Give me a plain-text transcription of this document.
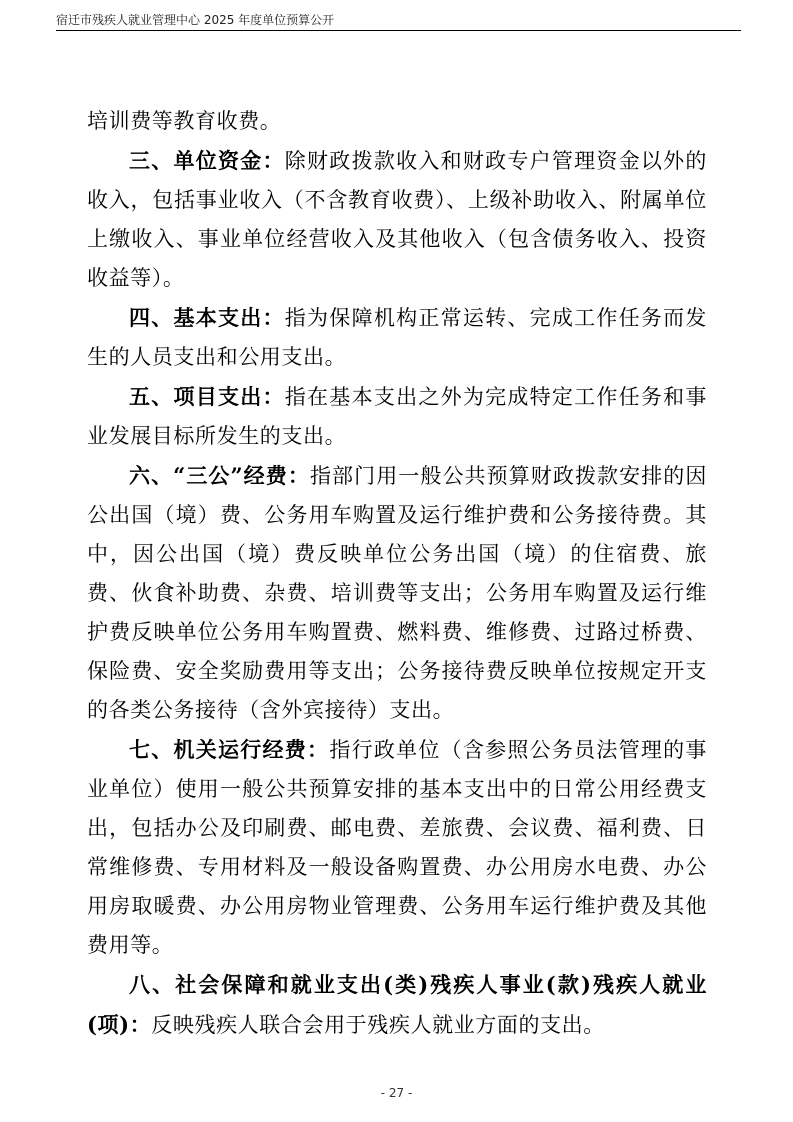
宿迁市残疾人就业管理中心 2025 年度单位预算公开

培训费等教育收费。

三、单位资金：除财政拨款收入和财政专户管理资金以外的收入，包括事业收入（不含教育收费）、上级补助收入、附属单位上缴收入、事业单位经营收入及其他收入（包含债务收入、投资收益等）。

四、基本支出：指为保障机构正常运转、完成工作任务而发生的人员支出和公用支出。

五、项目支出：指在基本支出之外为完成特定工作任务和事业发展目标所发生的支出。

六、“三公”经费：指部门用一般公共预算财政拨款安排的因公出国（境）费、公务用车购置及运行维护费和公务接待费。其中，因公出国（境）费反映单位公务出国（境）的住宿费、旅费、伙食补助费、杂费、培训费等支出；公务用车购置及运行维护费反映单位公务用车购置费、燃料费、维修费、过路过桥费、保险费、安全奖励费用等支出；公务接待费反映单位按规定开支的各类公务接待（含外宾接待）支出。

七、机关运行经费：指行政单位（含参照公务员法管理的事业单位）使用一般公共预算安排的基本支出中的日常公用经费支出，包括办公及印刷费、邮电费、差旅费、会议费、福利费、日常维修费、专用材料及一般设备购置费、办公用房水电费、办公用房取暖费、办公用房物业管理费、公务用车运行维护费及其他费用等。

八、社会保障和就业支出(类)残疾人事业(款)残疾人就业(项)：反映残疾人联合会用于残疾人就业方面的支出。

- 27 -
